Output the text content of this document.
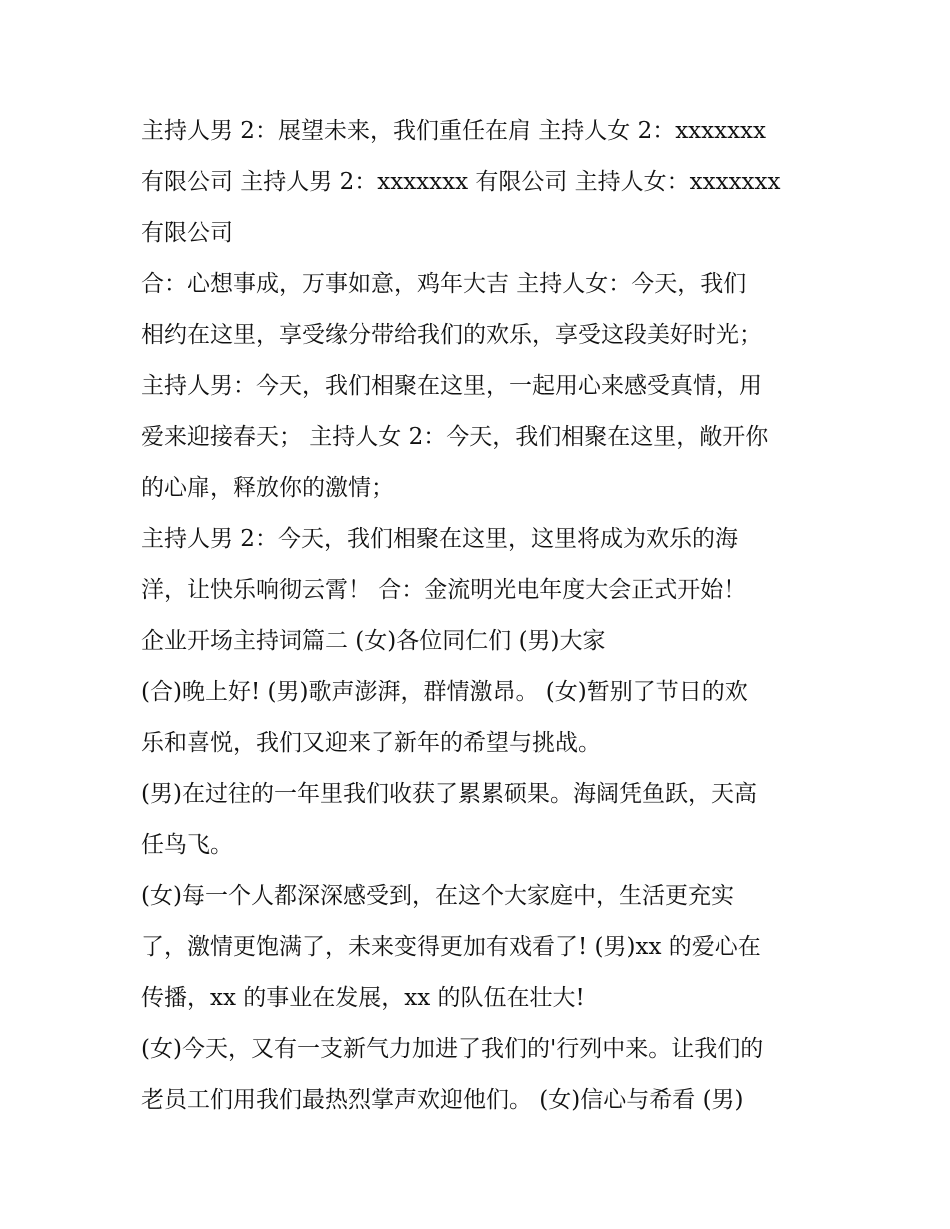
主持人男 2：展望未来，我们重任在肩 主持人女 2：xxxxxxx
有限公司 主持人男 2：xxxxxxx 有限公司 主持人女：xxxxxxx
有限公司
合：心想事成，万事如意，鸡年大吉 主持人女：今天，我们
相约在这里，享受缘分带给我们的欢乐，享受这段美好时光；
主持人男：今天，我们相聚在这里，一起用心来感受真情，用
爱来迎接春天； 主持人女 2：今天，我们相聚在这里，敞开你
的心扉，释放你的激情；
主持人男 2：今天，我们相聚在这里，这里将成为欢乐的海
洋，让快乐响彻云霄！ 合：金流明光电年度大会正式开始！
企业开场主持词篇二 (女)各位同仁们 (男)大家
(合)晚上好! (男)歌声澎湃，群情激昂。 (女)暂别了节日的欢
乐和喜悦，我们又迎来了新年的希望与挑战。
(男)在过往的一年里我们收获了累累硕果。海阔凭鱼跃，天高
任鸟飞。
(女)每一个人都深深感受到，在这个大家庭中，生活更充实
了，激情更饱满了，未来变得更加有戏看了! (男)xx 的爱心在
传播，xx 的事业在发展，xx 的队伍在壮大!
(女)今天，又有一支新气力加进了我们的'行列中来。让我们的
老员工们用我们最热烈掌声欢迎他们。 (女)信心与希看 (男)
